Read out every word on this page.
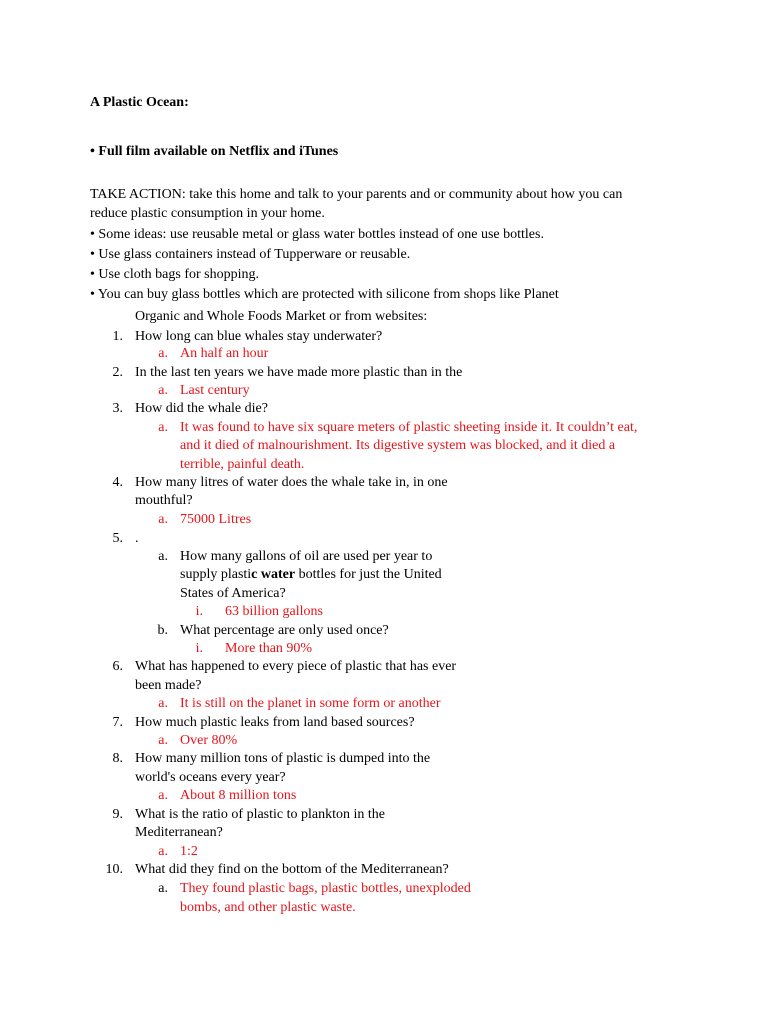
A Plastic Ocean:
• Full film available on Netflix and iTunes
TAKE ACTION: take this home and talk to your parents and or community about how you can
reduce plastic consumption in your home.
• Some ideas: use reusable metal or glass water bottles instead of one use bottles.
• Use glass containers instead of Tupperware or reusable.
• Use cloth bags for shopping.
• You can buy glass bottles which are protected with silicone from shops like Planet
Organic and Whole Foods Market or from websites:
1. How long can blue whales stay underwater?
a. An half an hour
2. In the last ten years we have made more plastic than in the
a. Last century
3. How did the whale die?
a. It was found to have six square meters of plastic sheeting inside it. It couldn’t eat,
and it died of malnourishment. Its digestive system was blocked, and it died a
terrible, painful death.
4. How many litres of water does the whale take in, in one
mouthful?
a. 75000 Litres
5. .
a. How many gallons of oil are used per year to
supply plastic water bottles for just the United
States of America?
i. 63 billion gallons
b. What percentage are only used once?
i. More than 90%
6. What has happened to every piece of plastic that has ever
been made?
a. It is still on the planet in some form or another
7. How much plastic leaks from land based sources?
a. Over 80%
8. How many million tons of plastic is dumped into the
world's oceans every year?
a. About 8 million tons
9. What is the ratio of plastic to plankton in the
Mediterranean?
a. 1:2
10. What did they find on the bottom of the Mediterranean?
a. They found plastic bags, plastic bottles, unexploded
bombs, and other plastic waste.
